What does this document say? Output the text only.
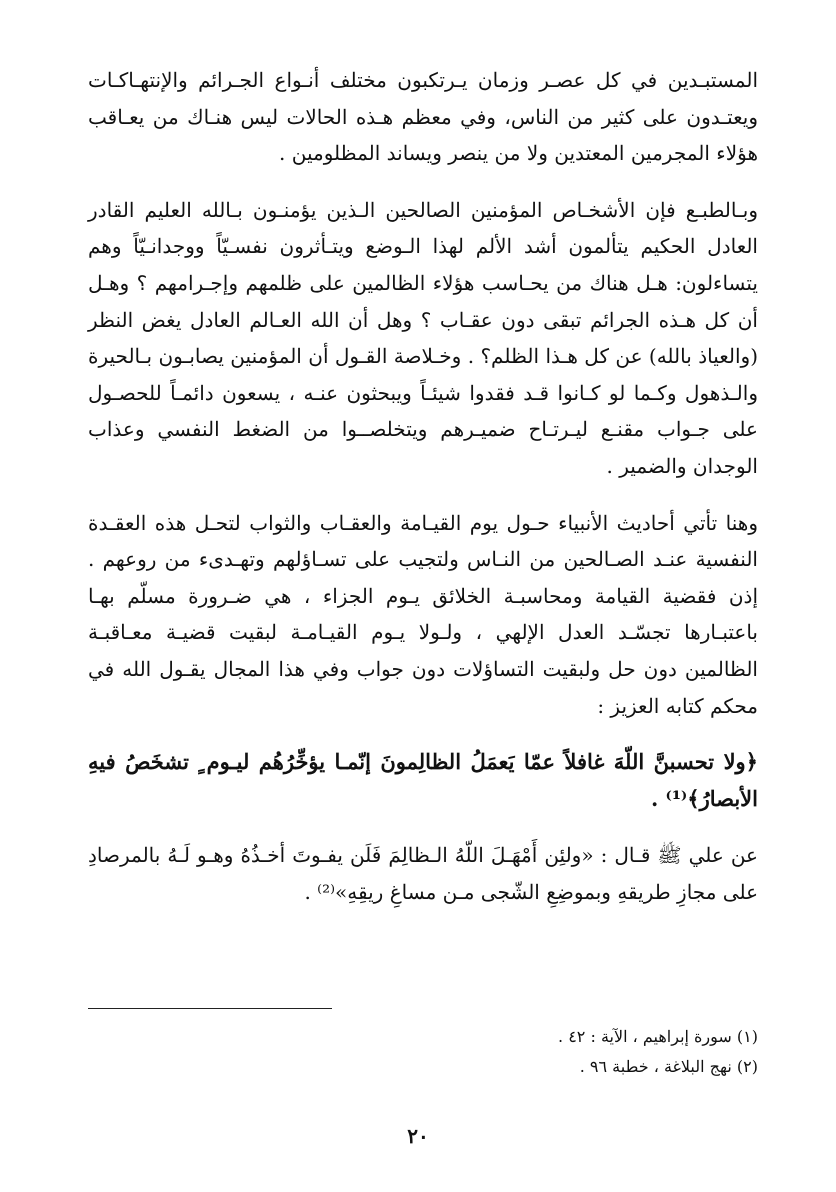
المستبـدين في كل عصـر وزمان يـرتكبون مختلف أنـواع الجـرائم والإنتهـاكـات ويعتـدون على كثير من الناس، وفي معظم هـذه الحالات ليس هنـاك من يعـاقب هؤلاء المجرمين المعتدين ولا من ينصر ويساند المظلومين .

وبـالطبـع فإن الأشخـاص المؤمنين الصالحين الـذين يؤمنـون بـالله العليم القادر العادل الحكيم يتألمون أشد الألم لهذا الـوضع ويتـأثرون نفسـيّاً ووجدانـيّاً وهم يتساءلون: هـل هناك من يحـاسب هؤلاء الظالمين على ظلمهم وإجـرامهم ؟ وهـل أن كل هـذه الجرائم تبقى دون عقـاب ؟ وهل أن الله العـالم العادل يغض النظر (والعياذ بالله) عن كل هـذا الظلم؟ . وخـلاصة القـول أن المؤمنين يصابـون بـالحيرة والـذهول وكـما لو كـانوا قـد فقدوا شيئـاً ويبحثون عنـه ، يسعون دائمـاً للحصـول على جـواب مقنـع ليـرتـاح ضميـرهم ويتخلصــوا من الضغط النفسي وعذاب الوجدان والضمير .

وهنا تأتي أحاديث الأنبياء حـول يوم القيـامة والعقـاب والثواب لتحـل هذه العقـدة النفسية عنـد الصـالحين من النـاس ولتجيب على تسـاؤلهم وتهـدىء من روعهم . إذن فقضية القيامة ومحاسبـة الخلائق يـوم الجزاء ، هي ضـرورة مسلّم بهـا باعتبـارها تجسّـد العدل الإلهي ، ولـولا يـوم القيـامـة لبقيت قضيـة معـاقبـة الظالمين دون حل ولبقيت التساؤلات دون جواب وفي هذا المجال يقـول الله في محكم كتابه العزيز :

﴿ولا تحسبنَّ اللّهَ غافلاً عمّا يَعمَلُ الظالِمونَ إنّمـا يؤخِّرُهُم ليـوم ٍ تشخَصُ فيهِ الأبصارُ﴾⁽¹⁾ .

عن علي ﷺ قـال : «ولئِن أَمْهَـلَ اللّهُ الـظالِمَ فَلَن يفـوتَ أخـذُهُ وهـو لَـهُ بالمرصادِ على مجازِ طريقهِ وبموضِعِ الشّجى مـن مساغِ ريقِهِ»⁽²⁾ .

(١) سورة إبراهيم ، الآية : ٤٢ .

(٢) نهج البلاغة ، خطبة ٩٦ .

٢٠
